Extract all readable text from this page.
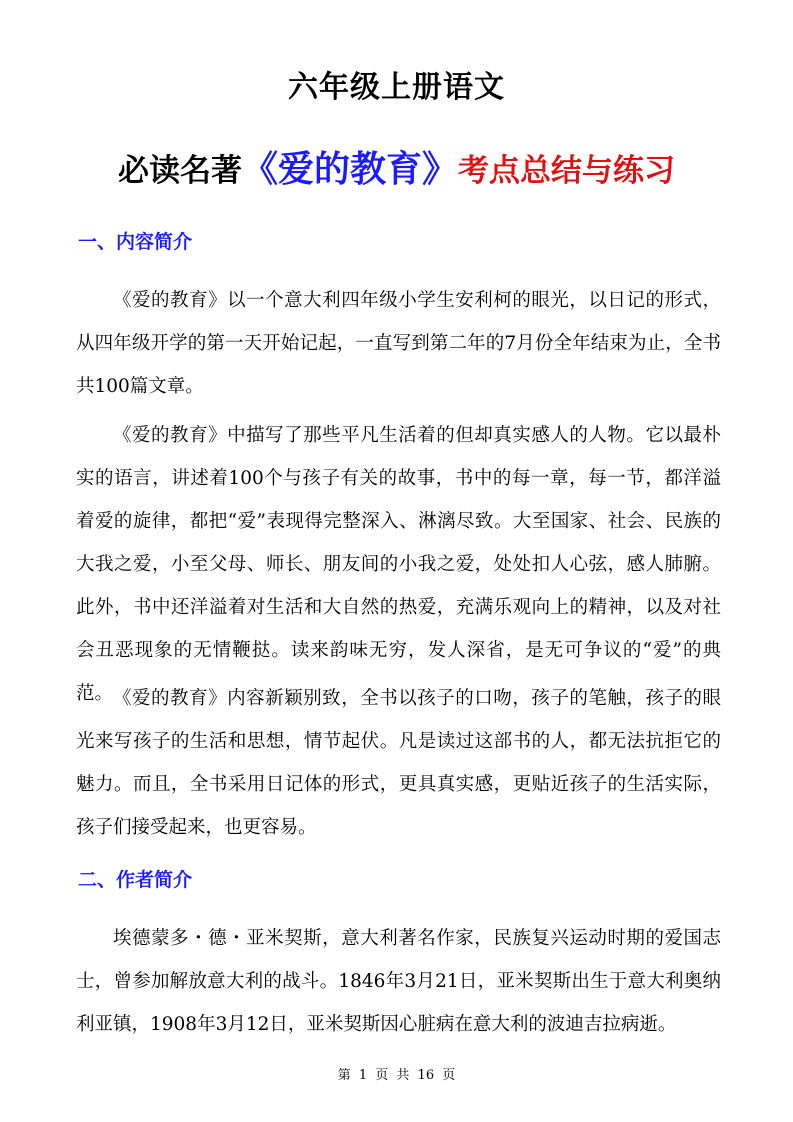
六年级上册语文
必读名著《爱的教育》考点总结与练习
一、内容简介

《爱的教育》以一个意大利四年级小学生安利柯的眼光，以日记的形式，从四年级开学的第一天开始记起，一直写到第二年的7月份全年结束为止，全书共100篇文章。

《爱的教育》中描写了那些平凡生活着的但却真实感人的人物。它以最朴实的语言，讲述着100个与孩子有关的故事，书中的每一章，每一节，都洋溢着爱的旋律，都把“爱”表现得完整深入、淋漓尽致。大至国家、社会、民族的大我之爱，小至父母、师长、朋友间的小我之爱，处处扣人心弦，感人肺腑。此外，书中还洋溢着对生活和大自然的热爱，充满乐观向上的精神，以及对社会丑恶现象的无情鞭挞。读来韵味无穷，发人深省，是无可争议的“爱”的典范。 《爱的教育》内容新颖别致，全书以孩子的口吻，孩子的笔触，孩子的眼光来写孩子的生活和思想，情节起伏。凡是读过这部书的人，都无法抗拒它的魅力。而且，全书采用日记体的形式，更具真实感，更贴近孩子的生活实际，孩子们接受起来，也更容易。

二、作者简介

埃德蒙多・德・亚米契斯，意大利著名作家，民族复兴运动时期的爱国志士，曾参加解放意大利的战斗。1846年3月21日，亚米契斯出生于意大利奥纳利亚镇，1908年3月12日，亚米契斯因心脏病在意大利的波迪吉拉病逝。

第 1 页 共 16 页
